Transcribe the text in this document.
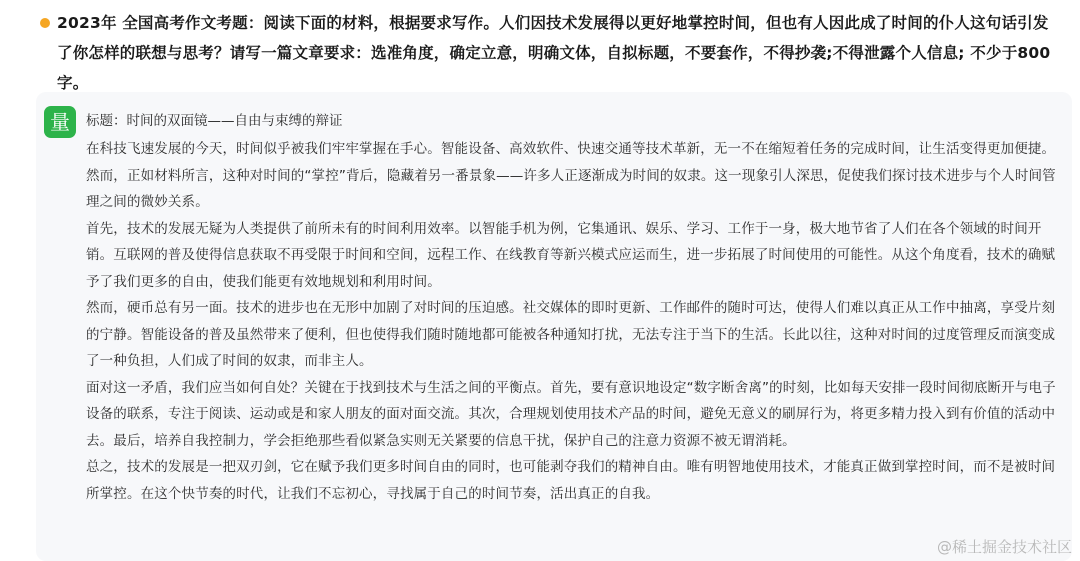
2023年 全国高考作文考题：阅读下面的材料，根据要求写作。人们因技术发展得以更好地掌控时间，但也有人因此成了时间的仆人这句话引发了你怎样的联想与思考？请写一篇文章要求：选准角度，确定立意，明确文体，自拟标题，不要套作，不得抄袭;不得泄露个人信息; 不少于800字。
量	标题：时间的双面镜——自由与束缚的辩证

在科技飞速发展的今天，时间似乎被我们牢牢掌握在手心。智能设备、高效软件、快速交通等技术革新，无一不在缩短着任务的完成时间，让生活变得更加便捷。然而，正如材料所言，这种对时间的“掌控”背后，隐藏着另一番景象——许多人正逐渐成为时间的奴隶。这一现象引人深思，促使我们探讨技术进步与个人时间管理之间的微妙关系。

首先，技术的发展无疑为人类提供了前所未有的时间利用效率。以智能手机为例，它集通讯、娱乐、学习、工作于一身，极大地节省了人们在各个领域的时间开销。互联网的普及使得信息获取不再受限于时间和空间，远程工作、在线教育等新兴模式应运而生，进一步拓展了时间使用的可能性。从这个角度看，技术的确赋予了我们更多的自由，使我们能更有效地规划和利用时间。

然而，硬币总有另一面。技术的进步也在无形中加剧了对时间的压迫感。社交媒体的即时更新、工作邮件的随时可达，使得人们难以真正从工作中抽离，享受片刻的宁静。智能设备的普及虽然带来了便利，但也使得我们随时随地都可能被各种通知打扰，无法专注于当下的生活。长此以往，这种对时间的过度管理反而演变成了一种负担，人们成了时间的奴隶，而非主人。

面对这一矛盾，我们应当如何自处？关键在于找到技术与生活之间的平衡点。首先，要有意识地设定“数字断舍离”的时刻，比如每天安排一段时间彻底断开与电子设备的联系，专注于阅读、运动或是和家人朋友的面对面交流。其次，合理规划使用技术产品的时间，避免无意义的刷屏行为，将更多精力投入到有价值的活动中去。最后，培养自我控制力，学会拒绝那些看似紧急实则无关紧要的信息干扰，保护自己的注意力资源不被无谓消耗。

总之，技术的发展是一把双刃剑，它在赋予我们更多时间自由的同时，也可能剥夺我们的精神自由。唯有明智地使用技术，才能真正做到掌控时间，而不是被时间所掌控。在这个快节奏的时代，让我们不忘初心，寻找属于自己的时间节奏，活出真正的自我。

@稀土掘金技术社区
